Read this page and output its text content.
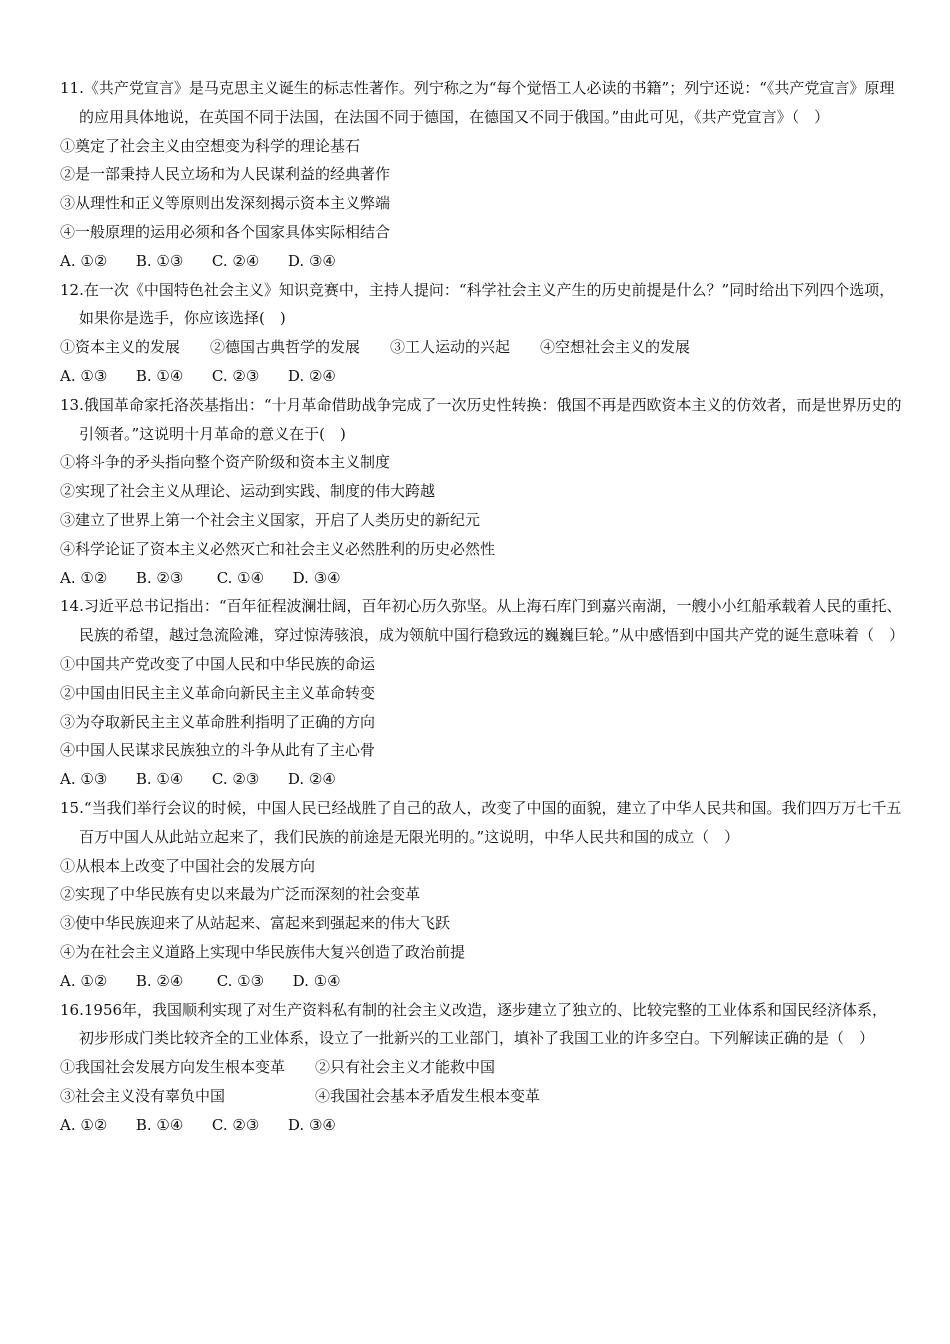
11.《共产党宣言》是马克思主义诞生的标志性著作。列宁称之为“每个觉悟工人必读的书籍”；列宁还说：“《共产党宣言》原理的应用具体地说，在英国不同于法国，在法国不同于德国，在德国又不同于俄国。”由此可见，《共产党宣言》（　）
①奠定了社会主义由空想变为科学的理论基石
②是一部秉持人民立场和为人民谋利益的经典著作
③从理性和正义等原则出发深刻揭示资本主义弊端
④一般原理的运用必须和各个国家具体实际相结合
A. ①②      B. ①③      C. ②④      D. ③④
12.在一次《中国特色社会主义》知识竞赛中，主持人提问：“科学社会主义产生的历史前提是什么？”同时给出下列四个选项，如果你是选手，你应该选择(　)
①资本主义的发展　　②德国古典哲学的发展　　③工人运动的兴起　　④空想社会主义的发展
A. ①③      B. ①④      C. ②③      D. ②④
13.俄国革命家托洛茨基指出：“十月革命借助战争完成了一次历史性转换：俄国不再是西欧资本主义的仿效者，而是世界历史的引领者。”这说明十月革命的意义在于(　)
①将斗争的矛头指向整个资产阶级和资本主义制度
②实现了社会主义从理论、运动到实践、制度的伟大跨越
③建立了世界上第一个社会主义国家，开启了人类历史的新纪元
④科学论证了资本主义必然灭亡和社会主义必然胜利的历史必然性
A. ①②      B. ②③       C. ①④      D. ③④
14.习近平总书记指出：“百年征程波澜壮阔，百年初心历久弥坚。从上海石库门到嘉兴南湖，一艘小小红船承载着人民的重托、民族的希望，越过急流险滩，穿过惊涛骇浪，成为领航中国行稳致远的巍巍巨轮。”从中感悟到中国共产党的诞生意味着（　）
①中国共产党改变了中国人民和中华民族的命运
②中国由旧民主主义革命向新民主主义革命转变
③为夺取新民主主义革命胜利指明了正确的方向
④中国人民谋求民族独立的斗争从此有了主心骨
A. ①③      B. ①④      C. ②③      D. ②④
15.“当我们举行会议的时候，中国人民已经战胜了自己的敌人，改变了中国的面貌，建立了中华人民共和国。我们四万万七千五百万中国人从此站立起来了，我们民族的前途是无限光明的。”这说明，中华人民共和国的成立（　）
①从根本上改变了中国社会的发展方向
②实现了中华民族有史以来最为广泛而深刻的社会变革
③使中华民族迎来了从站起来、富起来到强起来的伟大飞跃
④为在社会主义道路上实现中华民族伟大复兴创造了政治前提
A. ①②      B. ②④       C. ①③      D. ①④
16.1956年，我国顺利实现了对生产资料私有制的社会主义改造，逐步建立了独立的、比较完整的工业体系和国民经济体系，初步形成门类比较齐全的工业体系，设立了一批新兴的工业部门，填补了我国工业的许多空白。下列解读正确的是（　）
①我国社会发展方向发生根本变革　　②只有社会主义才能救中国
③社会主义没有辜负中国　　　　　　④我国社会基本矛盾发生根本变革
A. ①②      B. ①④      C. ②③      D. ③④
